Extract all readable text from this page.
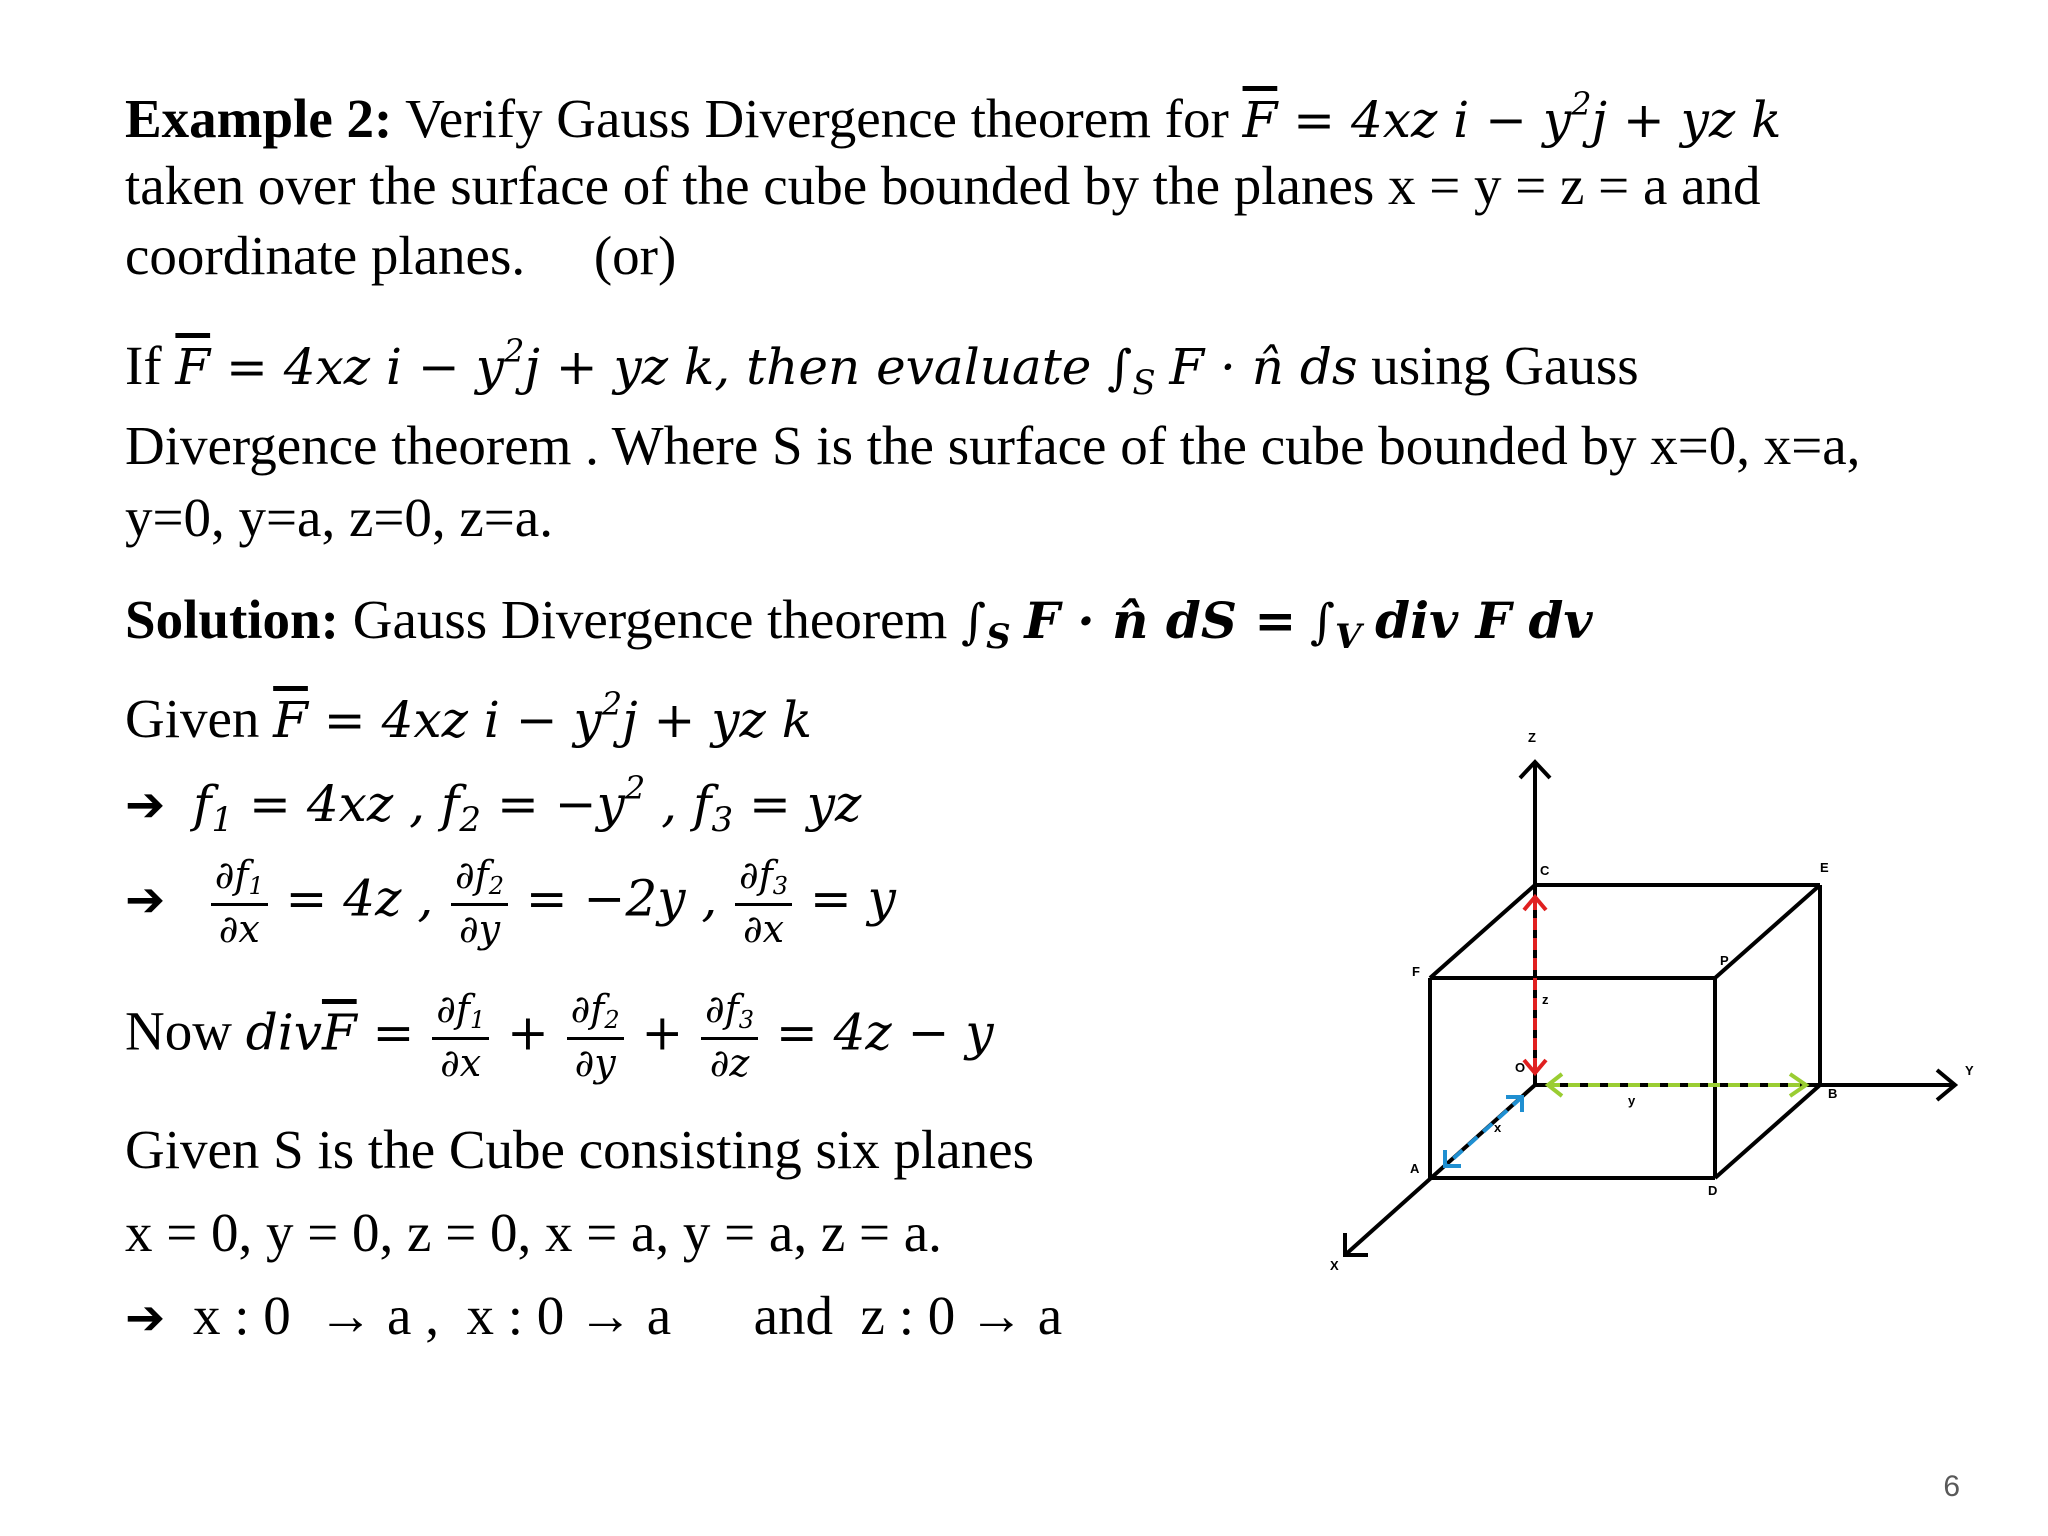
Example 2: Verify Gauss Divergence theorem for $\overline{F} = 4xz$ $i - y^2j$ + yz k
taken over the surface of the cube bounded by the planes x = y = z = a and
coordinate planes.     (or)
If $\overline{F} = 4xz$ $i - y^2j$ + yz k, then evaluate $\int_S$ F · n̂ ds using Gauss
Divergence theorem . Where S is the surface of the cube bounded by x=0, x=a,
y=0, y=a, z=0, z=a.
Solution: Gauss Divergence theorem $\int_S$ F · n̂ dS = $\int_V$ div F dv
Given $\overline{F} = 4xz$ $i - y^2j$ + yz k
➔ $f_1 = 4xz$ , $f_2 = -y^2$ , $f_3$ = yz
➔ $\frac{\partial f_1}{\partial x} = 4z$ , $\frac{\partial f_2}{\partial y} = -2y$ , $\frac{\partial f_3}{\partial x} = y$
Now $div\overline{F} = \frac{\partial f_1}{\partial x} + \frac{\partial f_2}{\partial y} + \frac{\partial f_3}{\partial z} = 4z - y$
Given S is the Cube consisting six planes
x = 0, y = 0, z = 0, x = a, y = a, z = a.
➔ x : 0  → a ,  x : 0 → a      and  z : 0 → a
Z
Y
X
O
A
B
C
D
E
F
P
x
y
z
6
